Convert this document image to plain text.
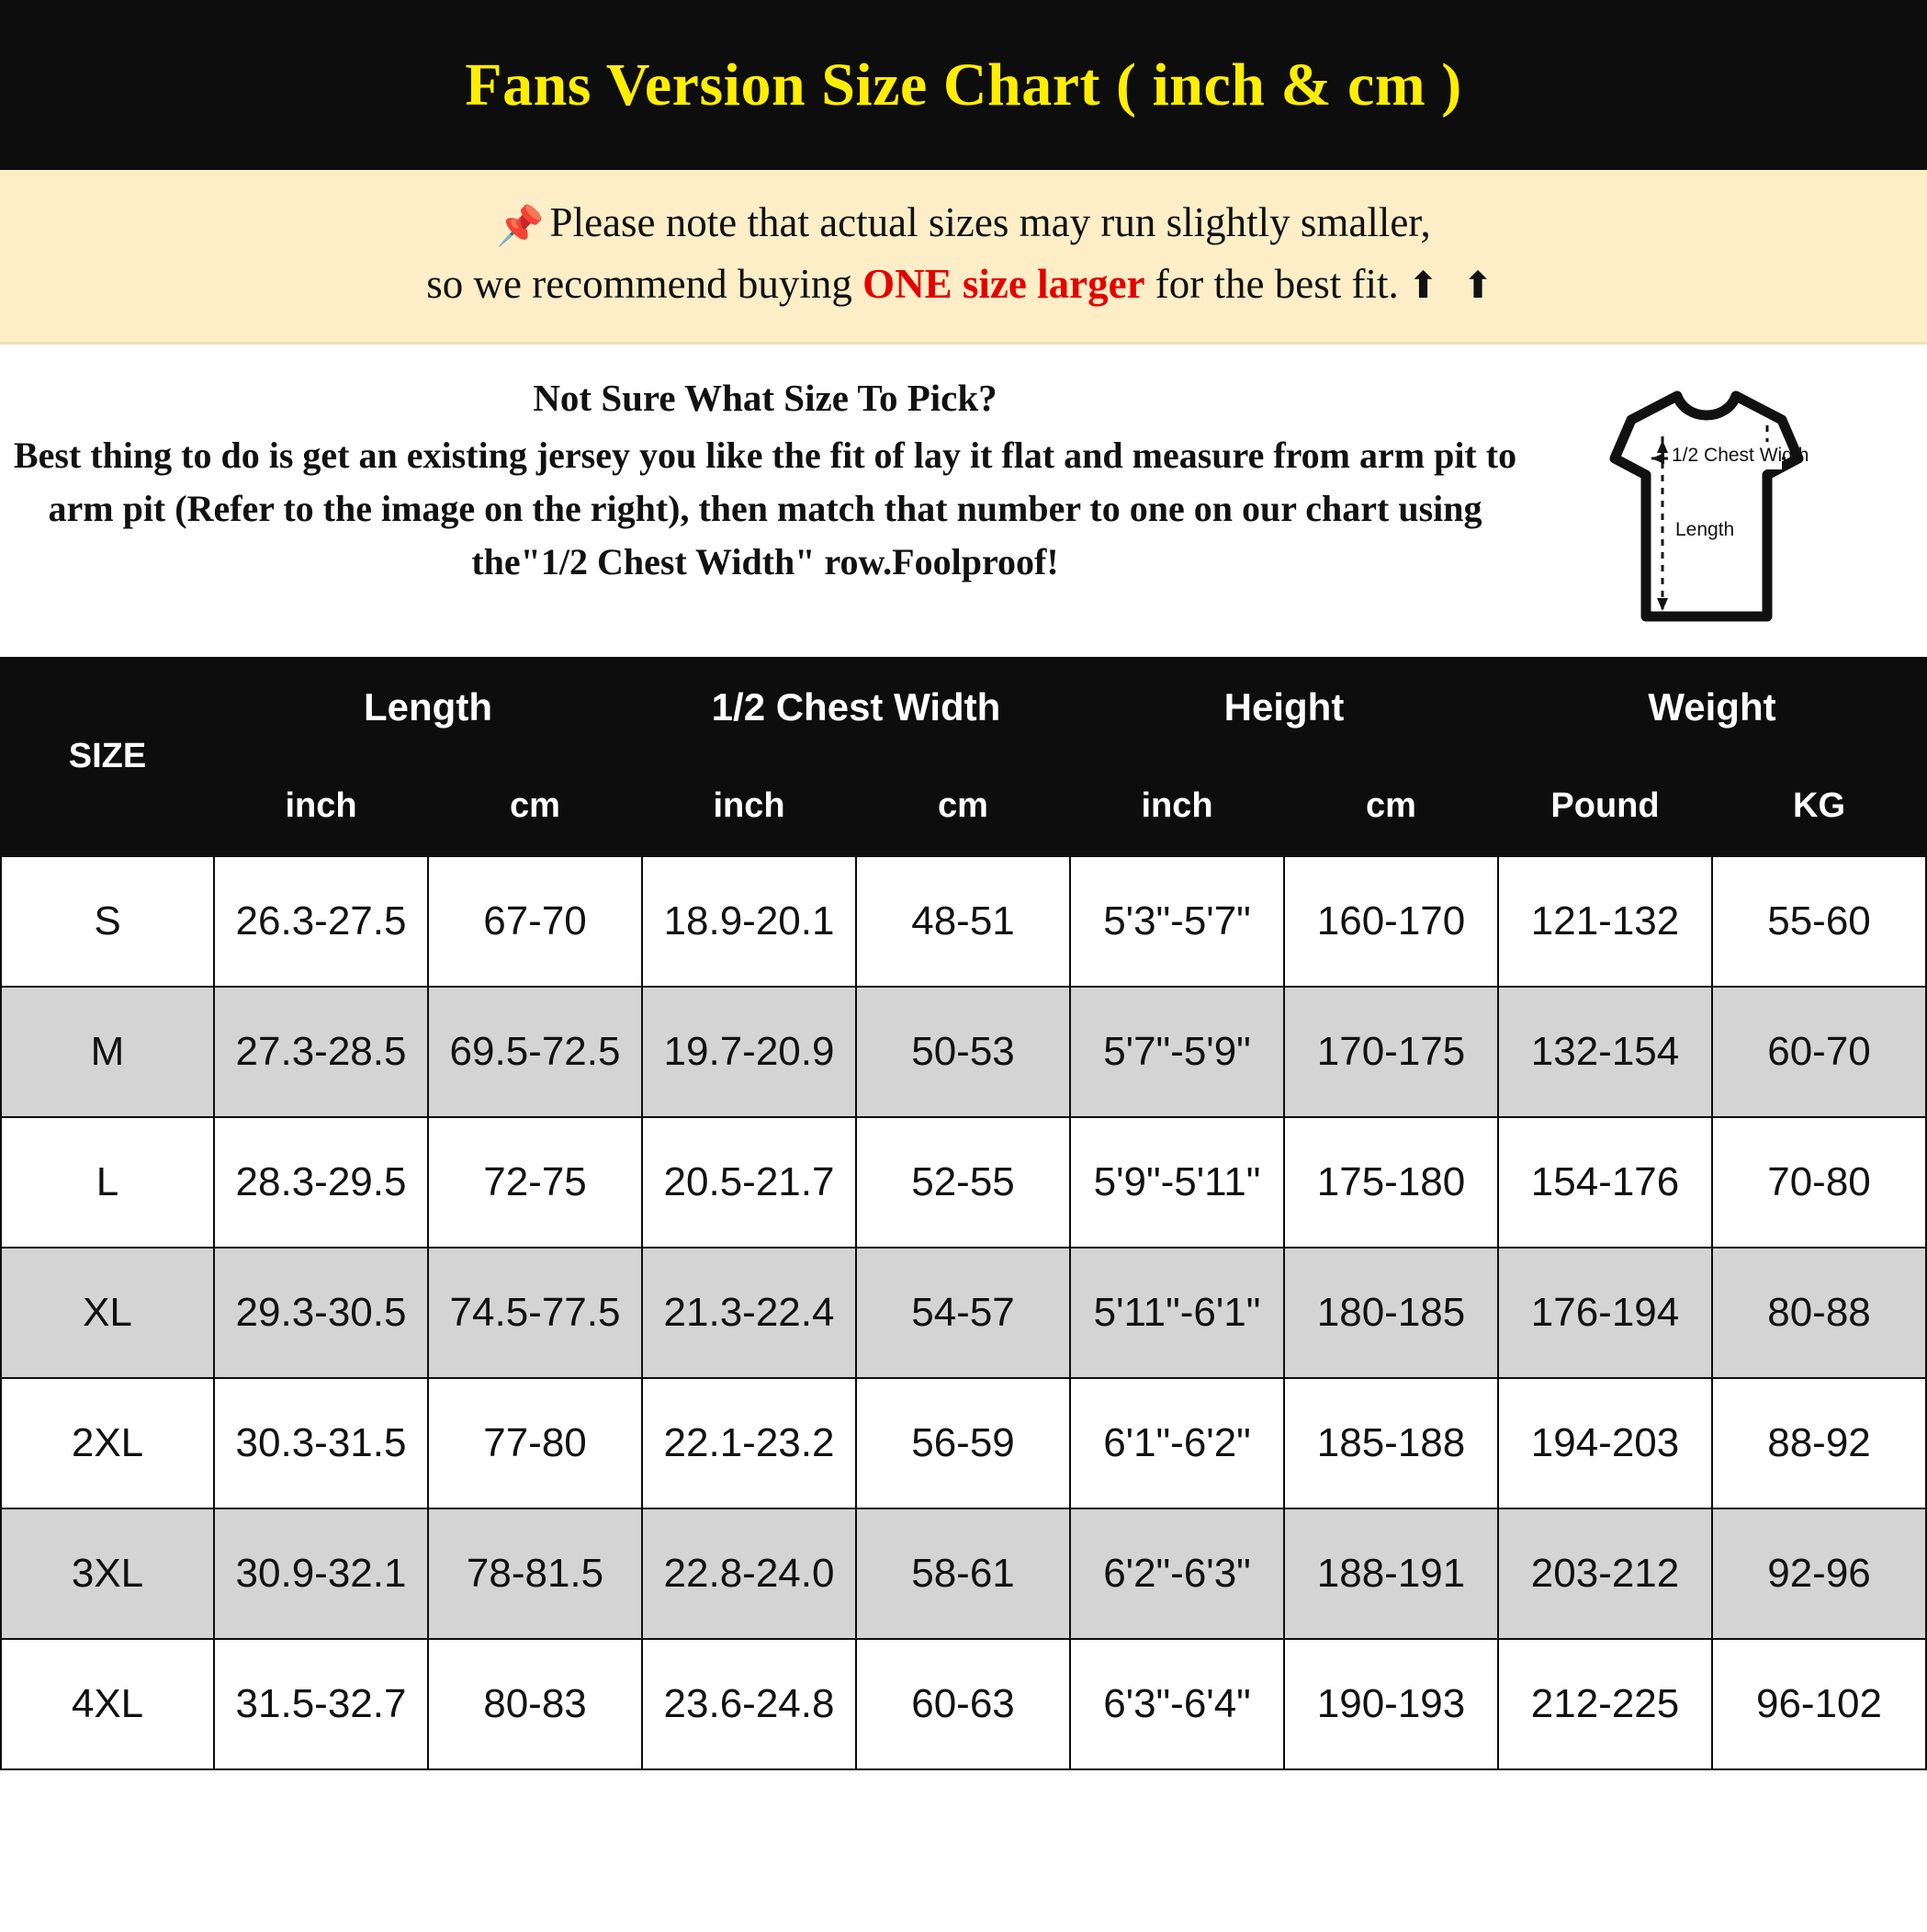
Fans Version Size Chart ( inch & cm )
📌 Please note that actual sizes may run slightly smaller,
so we recommend buying ONE size larger for the best fit. ⬆ ⬆
Not Sure What Size To Pick?
Best thing to do is get an existing jersey you like the fit of lay it flat and measure from arm pit to arm pit (Refer to the image on the right), then match that number to one on our chart using the"1/2 Chest Width" row.Foolproof!
1/2 Chest Width
Length
SIZE	Length		1/2 Chest Width		Height		Weight	
	inch	cm	inch	cm	inch	cm	Pound	KG
S	26.3-27.5	67-70	18.9-20.1	48-51	5'3"-5'7"	160-170	121-132	55-60
M	27.3-28.5	69.5-72.5	19.7-20.9	50-53	5'7"-5'9"	170-175	132-154	60-70
L	28.3-29.5	72-75	20.5-21.7	52-55	5'9"-5'11"	175-180	154-176	70-80
XL	29.3-30.5	74.5-77.5	21.3-22.4	54-57	5'11"-6'1"	180-185	176-194	80-88
2XL	30.3-31.5	77-80	22.1-23.2	56-59	6'1"-6'2"	185-188	194-203	88-92
3XL	30.9-32.1	78-81.5	22.8-24.0	58-61	6'2"-6'3"	188-191	203-212	92-96
4XL	31.5-32.7	80-83	23.6-24.8	60-63	6'3"-6'4"	190-193	212-225	96-102
